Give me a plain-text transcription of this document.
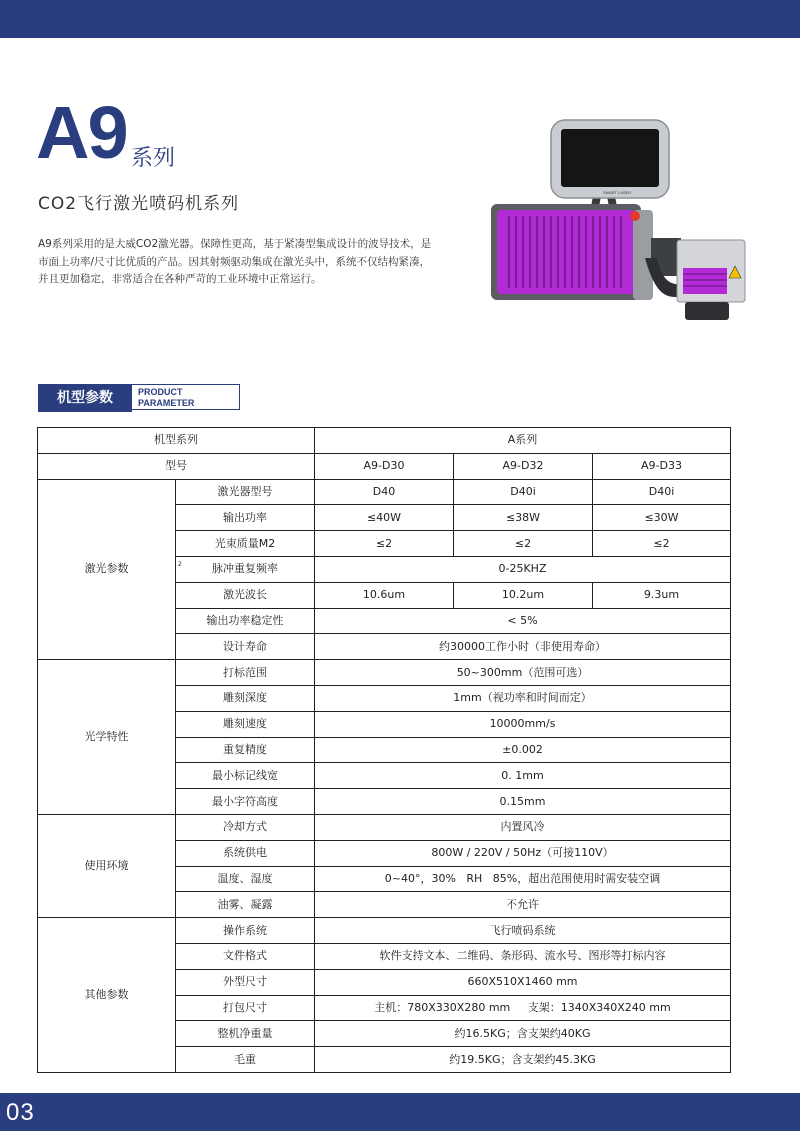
A9 系列
CO2飞行激光喷码机系列
A9系列采用的是大威CO2激光器。保障性更高，基于紧凑型集成设计的波导技术，是市面上功率/尺寸比优质的产品。因其射频驱动集成在激光头中，系统不仅结构紧凑，并且更加稳定，非常适合在各种严苛的工业环境中正常运行。
SMART LASER
机型参数	PRODUCT
PARAMETER
机型系列		A系列		
型号		A9-D30	A9-D32	A9-D33
激光参数	激光器型号	D40	D40i	D40i
	输出功率	≤40W	≤38W	≤30W
	光束质量M2	≤2	≤2	≤2

	2 脉冲重复频率	0-25KHZ		
	激光波长	10.6um	10.2um	9.3um
	输出功率稳定性	< 5%		
	设计寿命	约30000工作小时（非使用寿命）		
光学特性	打标范围	50~300mm（范围可选）		
	雕刻深度	1mm（视功率和时间而定）		
	雕刻速度	10000mm/s		
	重复精度	±0.002		
	最小标记线宽	0. 1mm		
	最小字符高度	0.15mm		
使用环境	冷却方式	内置风冷		
	系统供电	800W / 220V / 50Hz（可接110V）		
	温度、湿度	0~40°，30%   RH   85%，超出范围使用时需安装空调		
	油雾、凝露	不允许		
其他参数	操作系统	飞行喷码系统		
	文件格式	软件支持文本、二维码、条形码、流水号、图形等打标内容		
	外型尺寸	660X510X1460 mm		
	打包尺寸	主机：780X330X280 mm     支架：1340X340X240 mm		
	整机净重量	约16.5KG；含支架约40KG		
	毛重	约19.5KG；含支架约45.3KG		
03
